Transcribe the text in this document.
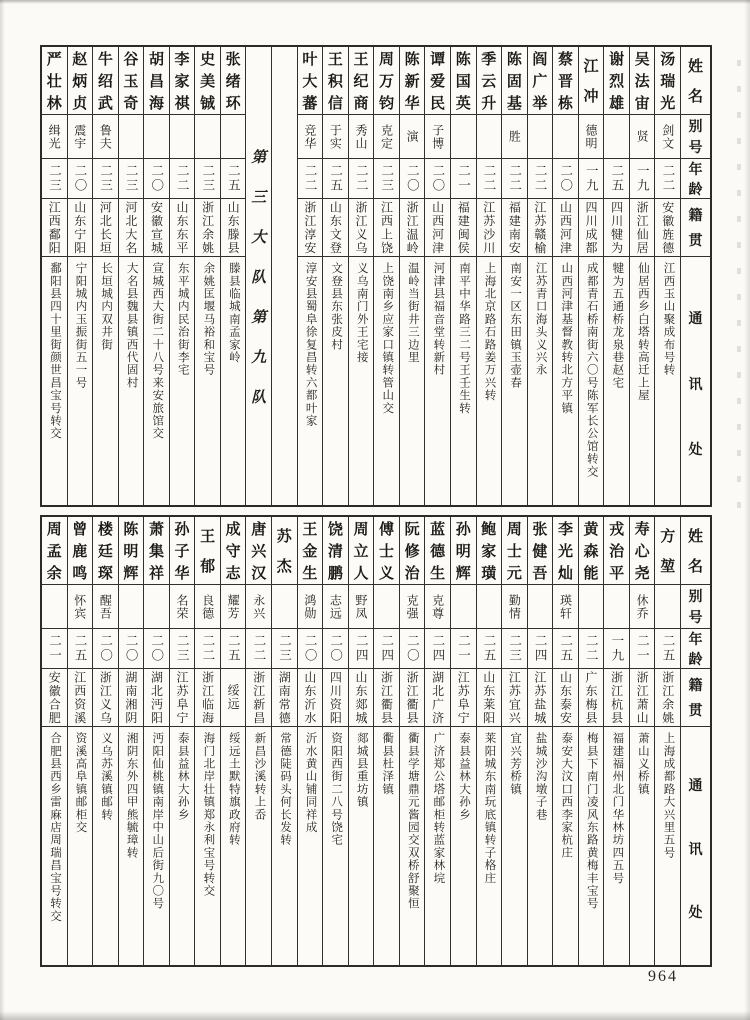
姓
名
别
号
年
龄
籍
贯
通
讯
处
汤
瑞
光
剑文
二二
安徽旌德
江西玉山聚成布号转
吴
法
宙
贤
一九
浙江仙居
仙居西乡白塔转高迁上屋
谢
烈
雄
二五
四川犍为
犍为五通桥龙泉巷赵宅
江
冲
德明
一九
四川成都
成都青石桥南街六〇号陈军长公馆转交
蔡
晋
栋
二〇
山西河津
山西河津基督教转北方平镇
阎
广
举
二二
江苏赣榆
江苏青口海头义兴永
陈
固
基
胜
二二
福建南安
南安一区东田镇玉壶春
季
云
升
二二
江苏沙川
上海北京路石路姜万兴转
陈
国
英
二一
福建闽侯
南平中华路三二号王壬生转
谭
爱
民
子博
二〇
山西河津
河津县福音堂转新村
陈
新
华
演
二〇
浙江温岭
温岭当街井三边里
周
万
钧
克定
二三
江西上饶
上饶南乡应家口镇转管山交
王
纪
商
秀山
二二
浙江义乌
义乌南门外王宅接
王
积
信
于实
二五
山东文登
文登县东张皮村
叶
大
蕃
竞华
二二
浙江淳安
淳安县蜀阜徐复昌转六都叶家
第
三
大
队
第
九
队
张
绪
环
二五
山东滕县
滕县临城南孟家岭
史
美
铖
二三
浙江余姚
余姚匡堰马裕和宝号
李
家
祺
二二
山东东平
东平城内民治街李宅
胡
昌
海
二〇
安徽宣城
宣城西大街二十八号来安旅馆交
谷
玉
奇
二三
河北大名
大名县魏县镇西代固村
牛
绍
武
鲁夫
二三
河北长垣
长垣城内双井街
赵
炳
贞
震宇
二〇
山东宁阳
宁阳城内玉振街五一号
严
壮
林
缉光
二三
江西鄱阳
鄱阳县四十里街颜世昌宝号转交
姓
名
别
号
年
龄
籍
贯
通
讯
处
方
堃
二五
浙江余姚
上海成都路大兴里五号
寿
心
尧
休乔
二一
浙江萧山
萧山义桥镇
戎
治
平
一九
浙江杭县
福建福州北门华林坊四五号
黄
森
能
二二
广东梅县
梅县下南门凌风东路黄梅丰宝号
李
光
灿
瑛轩
二五
山东泰安
泰安大汶口西李家杭庄
张
健
吾
二四
江苏盐城
盐城沙沟墩子巷
周
士
元
勤情
二三
江苏宜兴
宜兴芳桥镇
鲍
家
璜
二五
山东莱阳
莱阳城东南玩底镇转子格庄
孙
明
辉
二一
江苏阜宁
泰县益林大孙乡
蓝
德
生
克尊
二四
湖北广济
广济郑公塔邮柜转蓝家林垸
阮
修
治
克强
二〇
浙江衢县
衢县学塘鼎元酱园交双桥舒聚恒
傅
士
义
二四
浙江衢县
衢县杜泽镇
周
立
人
野凤
二四
山东郯城
郯城县重坊镇
饶
清
鹏
志远
二〇
四川资阳
资阳西街二八号饶宅
王
金
生
鸿勋
二〇
山东沂水
沂水黄山铺同祥成
苏
杰
二三
湖南常德
常德陡码头何长发转
唐
兴
汉
永兴
二二
浙江新昌
新昌沙溪转上岙
成
守
志
耀芳
二五
绥远
绥远土默特旗政府转
王
郁
良德
二二
浙江临海
海门北岸壮镇郑永利宝号转交
孙
子
华
名荣
二三
江苏阜宁
泰县益林大孙乡
萧
集
祥
二〇
湖北沔阳
沔阳仙桃镇南岸中山后街九〇号
陈
明
辉
二〇
湖南湘阴
湘阴东外四甲熊毓璋转
楼
廷
琛
醒吾
二〇
浙江义乌
义乌苏溪镇邮转
曾
鹿
鸣
怀宾
二五
江西资溪
资溪高阜镇邮柜交
周
孟
余
二一
安徽合肥
合肥县西乡雷麻店周瑞昌宝号转交
964
